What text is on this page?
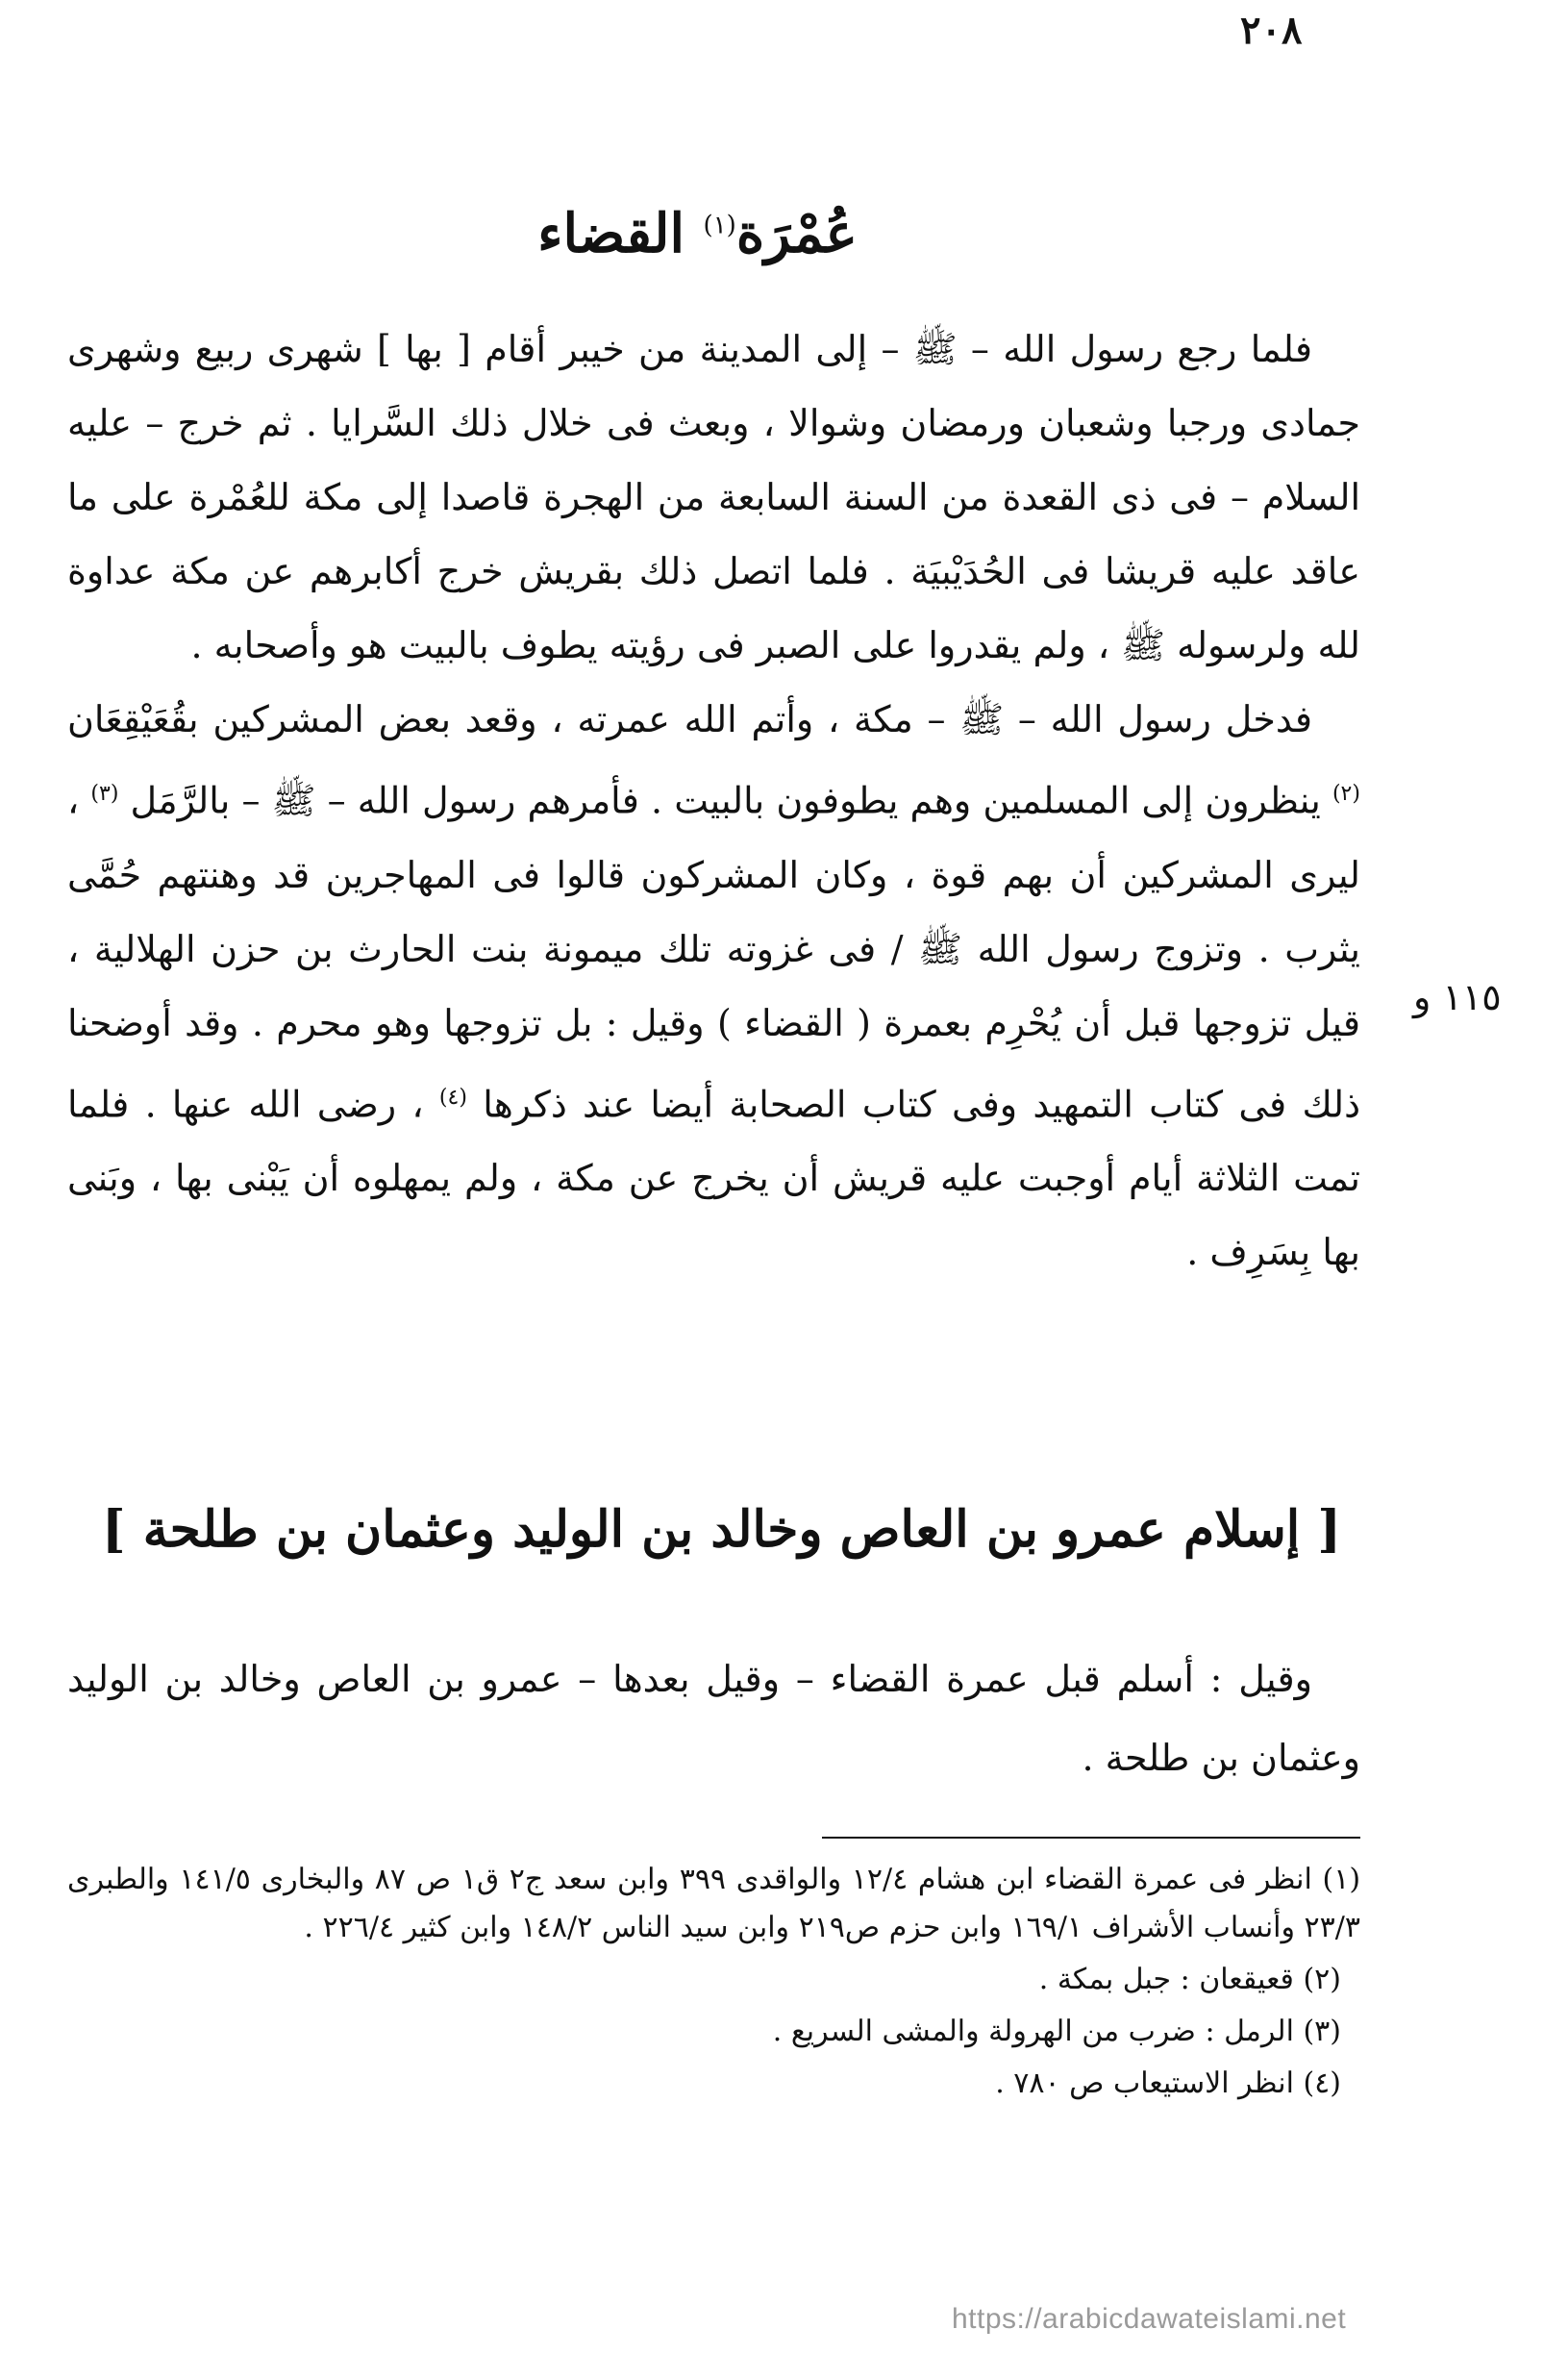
٢٠٨
عُمْرَة$^{(١)}$ القضاء

فلما رجع رسول الله – ﷺ – إلى المدينة من خيبر أقام [ بها ] شهرى ربيع وشهرى جمادى ورجبا وشعبان ورمضان وشوالا ، وبعث فى خلال ذلك السَّرايا . ثم خرج – عليه السلام – فى ذى القعدة من السنة السابعة من الهجرة قاصدا إلى مكة للعُمْرة على ما عاقد عليه قريشا فى الحُدَيْبيَة . فلما اتصل ذلك بقريش خرج أكابرهم عن مكة عداوة لله ولرسوله ﷺ ، ولم يقدروا على الصبر فى رؤيته يطوف بالبيت هو وأصحابه .

فدخل رسول الله – ﷺ – مكة ، وأتم الله عمرته ، وقعد بعض المشركين بقُعَيْقِعَان $^{(٢)}$ ينظرون إلى المسلمين وهم يطوفون بالبيت . فأمرهم رسول الله – ﷺ – بالرَّمَل $^{(٣)}$ ، ليرى المشركين أن بهم قوة ، وكان المشركون قالوا فى المهاجرين قد وهنتهم حُمَّى يثرب . وتزوج رسول الله ﷺ / فى غزوته تلك ميمونة بنت الحارث بن حزن الهلالية ، قيل تزوجها قبل أن يُحْرِم بعمرة ( القضاء ) وقيل : بل تزوجها وهو محرم . وقد أوضحنا ذلك فى كتاب التمهيد وفى كتاب الصحابة أيضا عند ذكرها $^{(٤)}$ ، رضى الله عنها . فلما تمت الثلاثة أيام أوجبت عليه قريش أن يخرج عن مكة ، ولم يمهلوه أن يَبْنى بها ، وبَنى بها بِسَرِف .

١١٥ و
[ إسلام عمرو بن العاص وخالد بن الوليد وعثمان بن طلحة ]

وقيل : أسلم قبل عمرة القضاء – وقيل بعدها – عمرو بن العاص وخالد بن الوليد وعثمان بن طلحة .

(١) انظر فى عمرة القضاء ابن هشام ١٢/٤ والواقدى ٣٩٩ وابن سعد ج٢ ق١ ص ٨٧ والبخارى ١٤١/٥ والطبرى ٢٣/٣ وأنساب الأشراف ١٦٩/١ وابن حزم ص٢١٩ وابن سيد الناس ١٤٨/٢ وابن كثير ٢٢٦/٤ .

(٢) قعيقعان : جبل بمكة .

(٣) الرمل : ضرب من الهرولة والمشى السريع .

(٤) انظر الاستيعاب ص ٧٨٠ .

https://arabicdawateislami.net
